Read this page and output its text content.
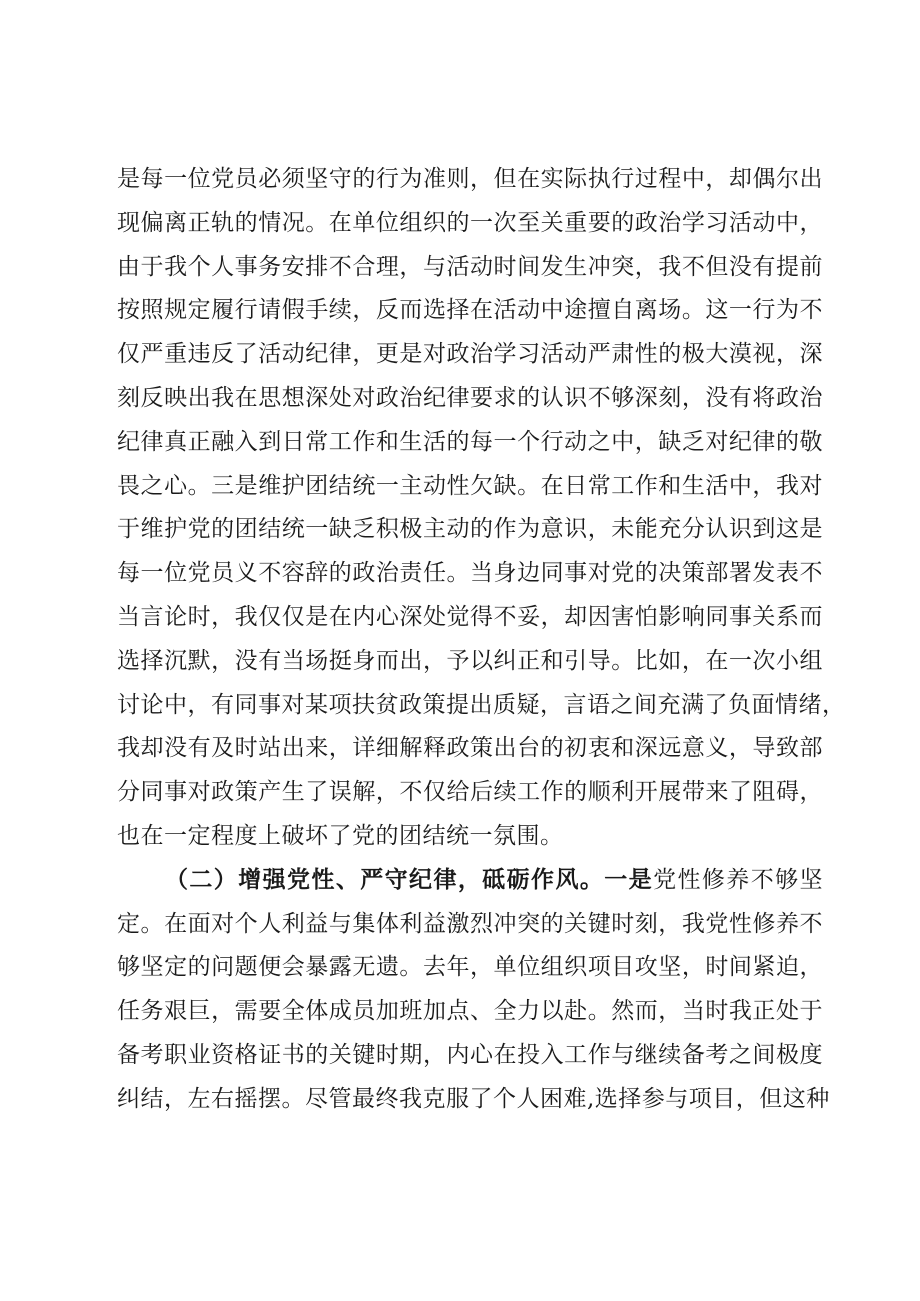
是每一位党员必须坚守的行为准则，但在实际执行过程中，却偶尔出
现偏离正轨的情况。在单位组织的一次至关重要的政治学习活动中，
由于我个人事务安排不合理，与活动时间发生冲突，我不但没有提前
按照规定履行请假手续，反而选择在活动中途擅自离场。这一行为不
仅严重违反了活动纪律，更是对政治学习活动严肃性的极大漠视，深
刻反映出我在思想深处对政治纪律要求的认识不够深刻，没有将政治
纪律真正融入到日常工作和生活的每一个行动之中，缺乏对纪律的敬
畏之心。三是维护团结统一主动性欠缺。在日常工作和生活中，我对
于维护党的团结统一缺乏积极主动的作为意识，未能充分认识到这是
每一位党员义不容辞的政治责任。当身边同事对党的决策部署发表不
当言论时，我仅仅是在内心深处觉得不妥，却因害怕影响同事关系而
选择沉默，没有当场挺身而出，予以纠正和引导。比如，在一次小组
讨论中，有同事对某项扶贫政策提出质疑，言语之间充满了负面情绪，
我却没有及时站出来，详细解释政策出台的初衷和深远意义，导致部
分同事对政策产生了误解，不仅给后续工作的顺利开展带来了阻碍，
也在一定程度上破坏了党的团结统一氛围。
（二）增强党性、严守纪律，砥砺作风。一是党性修养不够坚
定。在面对个人利益与集体利益激烈冲突的关键时刻，我党性修养不
够坚定的问题便会暴露无遗。去年，单位组织项目攻坚，时间紧迫，
任务艰巨，需要全体成员加班加点、全力以赴。然而，当时我正处于
备考职业资格证书的关键时期，内心在投入工作与继续备考之间极度
纠结，左右摇摆。尽管最终我克服了个人困难,选择参与项目，但这种
